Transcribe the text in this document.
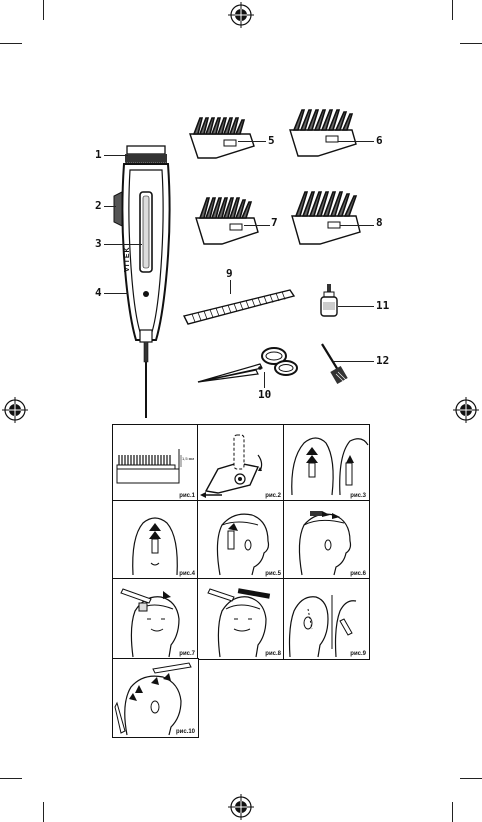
VITEK
1
2
3
4
5	6
7	8
9
11
10
12
1,5 мм
рис.1	рис.2	рис.3
рис.4	рис.5	рис.6
рис.7	рис.8	рис.9
рис.10
